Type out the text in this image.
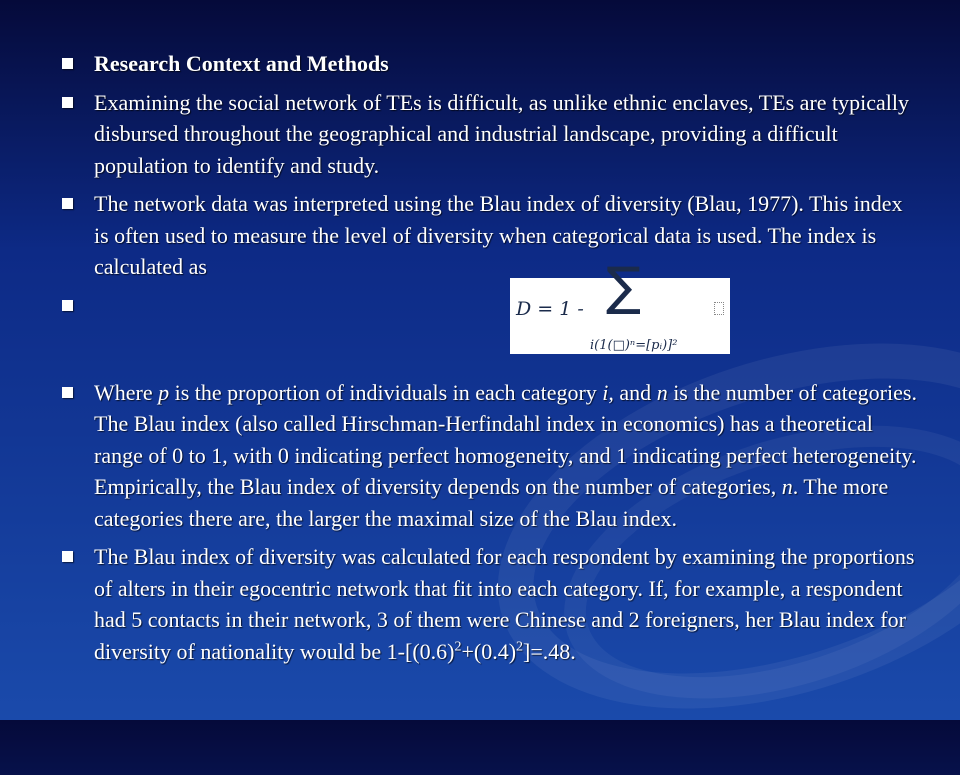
Research Context and Methods
Examining the social network of TEs is difficult, as unlike ethnic enclaves, TEs are typically disbursed throughout the geographical and industrial landscape, providing a difficult population to identify and study.
The network data was interpreted using the Blau index of diversity (Blau, 1977). This index is often used to measure the level of diversity when categorical data is used. The index is calculated as
D = 1 - ∑
i(1(□)ⁿ=[pᵢ)]²
Where p is the proportion of individuals in each category i, and n is the number of categories. The Blau index (also called Hirschman-Herfindahl index in economics) has a theoretical range of 0 to 1, with 0 indicating perfect homogeneity, and 1 indicating perfect heterogeneity. Empirically, the Blau index of diversity depends on the number of categories, n. The more categories there are, the larger the maximal size of the Blau index.
The Blau index of diversity was calculated for each respondent by examining the proportions of alters in their egocentric network that fit into each category. If, for example, a respondent had 5 contacts in their network, 3 of them were Chinese and 2 foreigners, her Blau index for diversity of nationality would be $1-[(0.6)^2+(0.4)^2]=.48$.
